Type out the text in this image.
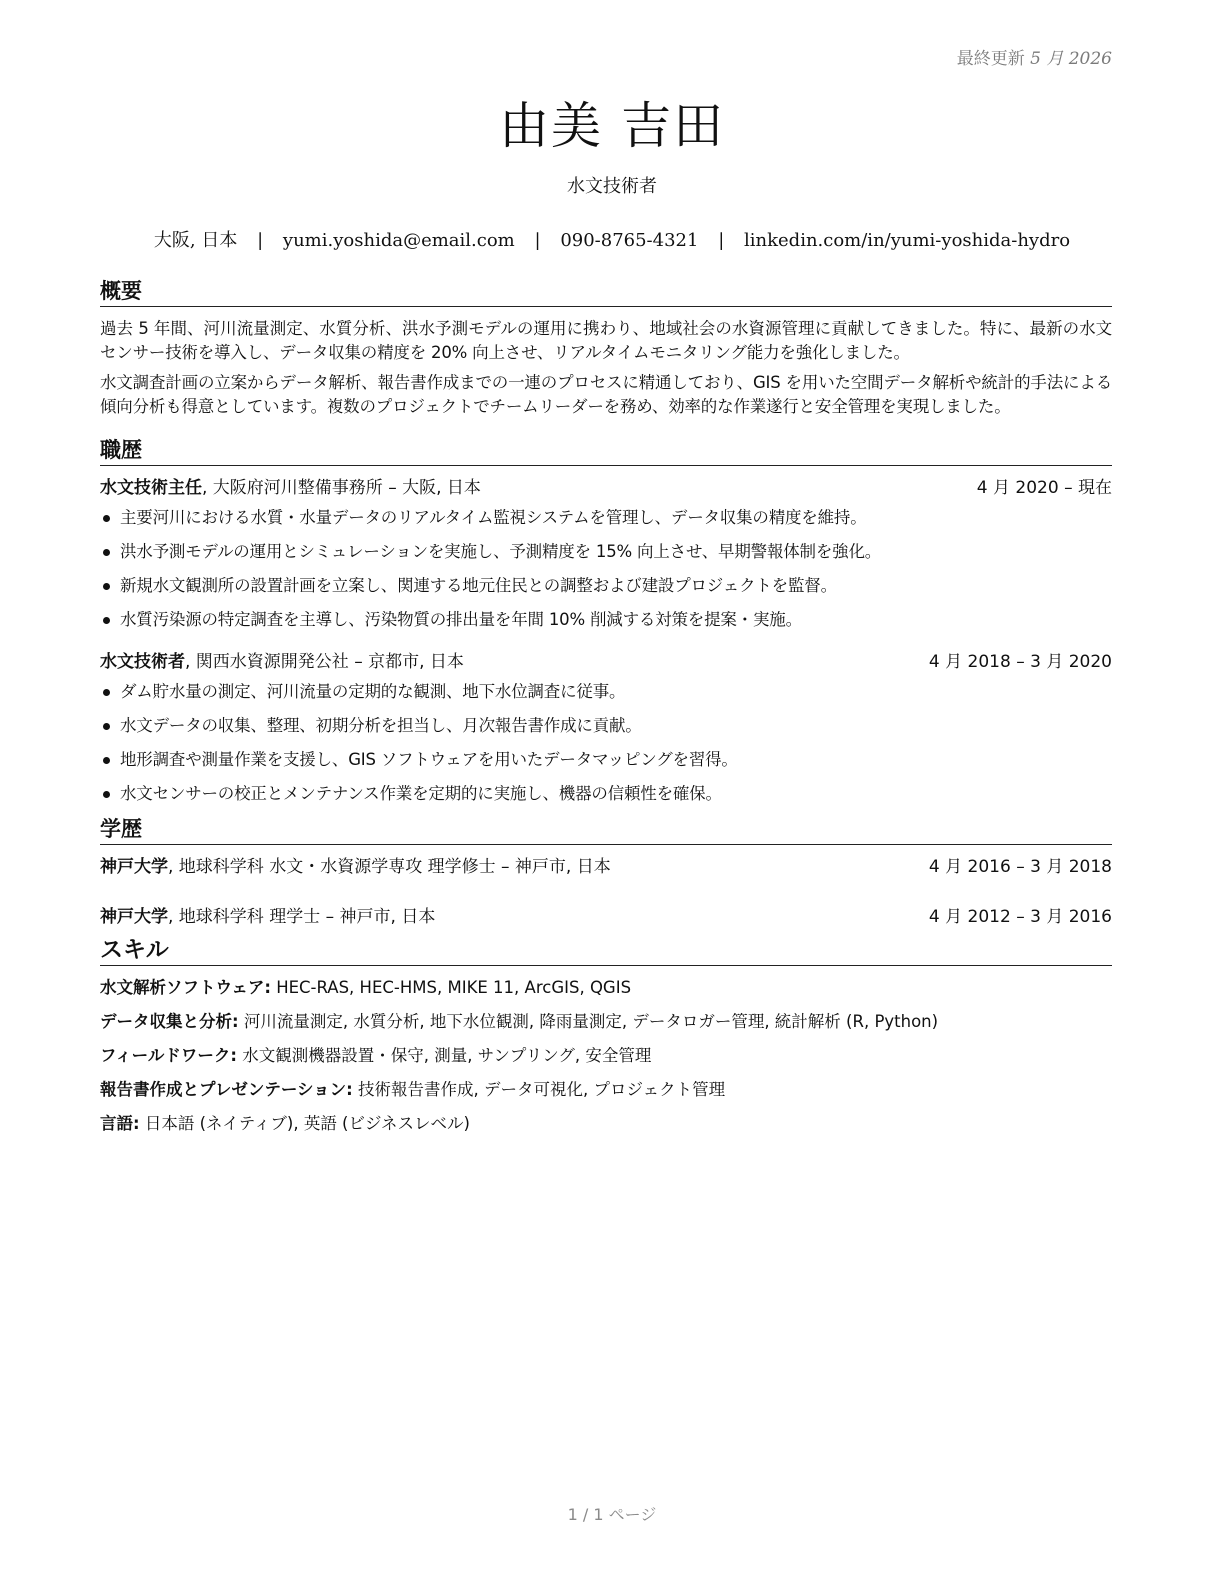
最終更新 5 月 2026
由美 吉田
水文技術者
大阪, 日本 | yumi.yoshida@email.com | 090-8765-4321 | linkedin.com/in/yumi-yoshida-hydro
概要

過去 5 年間、河川流量測定、水質分析、洪水予測モデルの運用に携わり、地域社会の水資源管理に貢献してきました。特に、最新の水文センサー技術を導入し、データ収集の精度を 20% 向上させ、リアルタイムモニタリング能力を強化しました。

水文調査計画の立案からデータ解析、報告書作成までの一連のプロセスに精通しており、GIS を用いた空間データ解析や統計的手法による傾向分析も得意としています。複数のプロジェクトでチームリーダーを務め、効率的な作業遂行と安全管理を実現しました。

職歴
水文技術主任, 大阪府河川整備事務所 – 大阪, 日本	4 月 2020 – 現在
主要河川における水質・水量データのリアルタイム監視システムを管理し、データ収集の精度を維持。
洪水予測モデルの運用とシミュレーションを実施し、予測精度を 15% 向上させ、早期警報体制を強化。
新規水文観測所の設置計画を立案し、関連する地元住民との調整および建設プロジェクトを監督。
水質汚染源の特定調査を主導し、汚染物質の排出量を年間 10% 削減する対策を提案・実施。
水文技術者, 関西水資源開発公社 – 京都市, 日本	4 月 2018 – 3 月 2020
ダム貯水量の測定、河川流量の定期的な観測、地下水位調査に従事。
水文データの収集、整理、初期分析を担当し、月次報告書作成に貢献。
地形調査や測量作業を支援し、GIS ソフトウェアを用いたデータマッピングを習得。
水文センサーの校正とメンテナンス作業を定期的に実施し、機器の信頼性を確保。
学歴
神戸大学, 地球科学科 水文・水資源学専攻 理学修士 – 神戸市, 日本	4 月 2016 – 3 月 2018
神戸大学, 地球科学科 理学士 – 神戸市, 日本	4 月 2012 – 3 月 2016
スキル
水文解析ソフトウェア: HEC-RAS, HEC-HMS, MIKE 11, ArcGIS, QGIS
データ収集と分析: 河川流量測定, 水質分析, 地下水位観測, 降雨量測定, データロガー管理, 統計解析 (R, Python)
フィールドワーク: 水文観測機器設置・保守, 測量, サンプリング, 安全管理
報告書作成とプレゼンテーション: 技術報告書作成, データ可視化, プロジェクト管理
言語: 日本語 (ネイティブ), 英語 (ビジネスレベル)
1 / 1 ページ
